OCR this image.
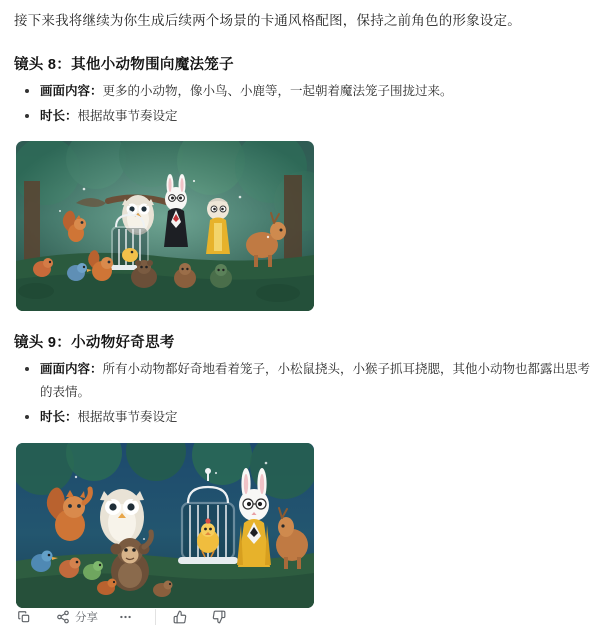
接下来我将继续为你生成后续两个场景的卡通风格配图，保持之前角色的形象设定。
镜头 8：其他小动物围向魔法笼子
画面内容：更多的小动物，像小鸟、小鹿等，一起朝着魔法笼子围拢过来。
时长：根据故事节奏设定
镜头 9：小动物好奇思考
画面内容：所有小动物都好奇地看着笼子，小松鼠挠头，小猴子抓耳挠腮，其他小动物也都露出思考的表情。
时长：根据故事节奏设定
分享
